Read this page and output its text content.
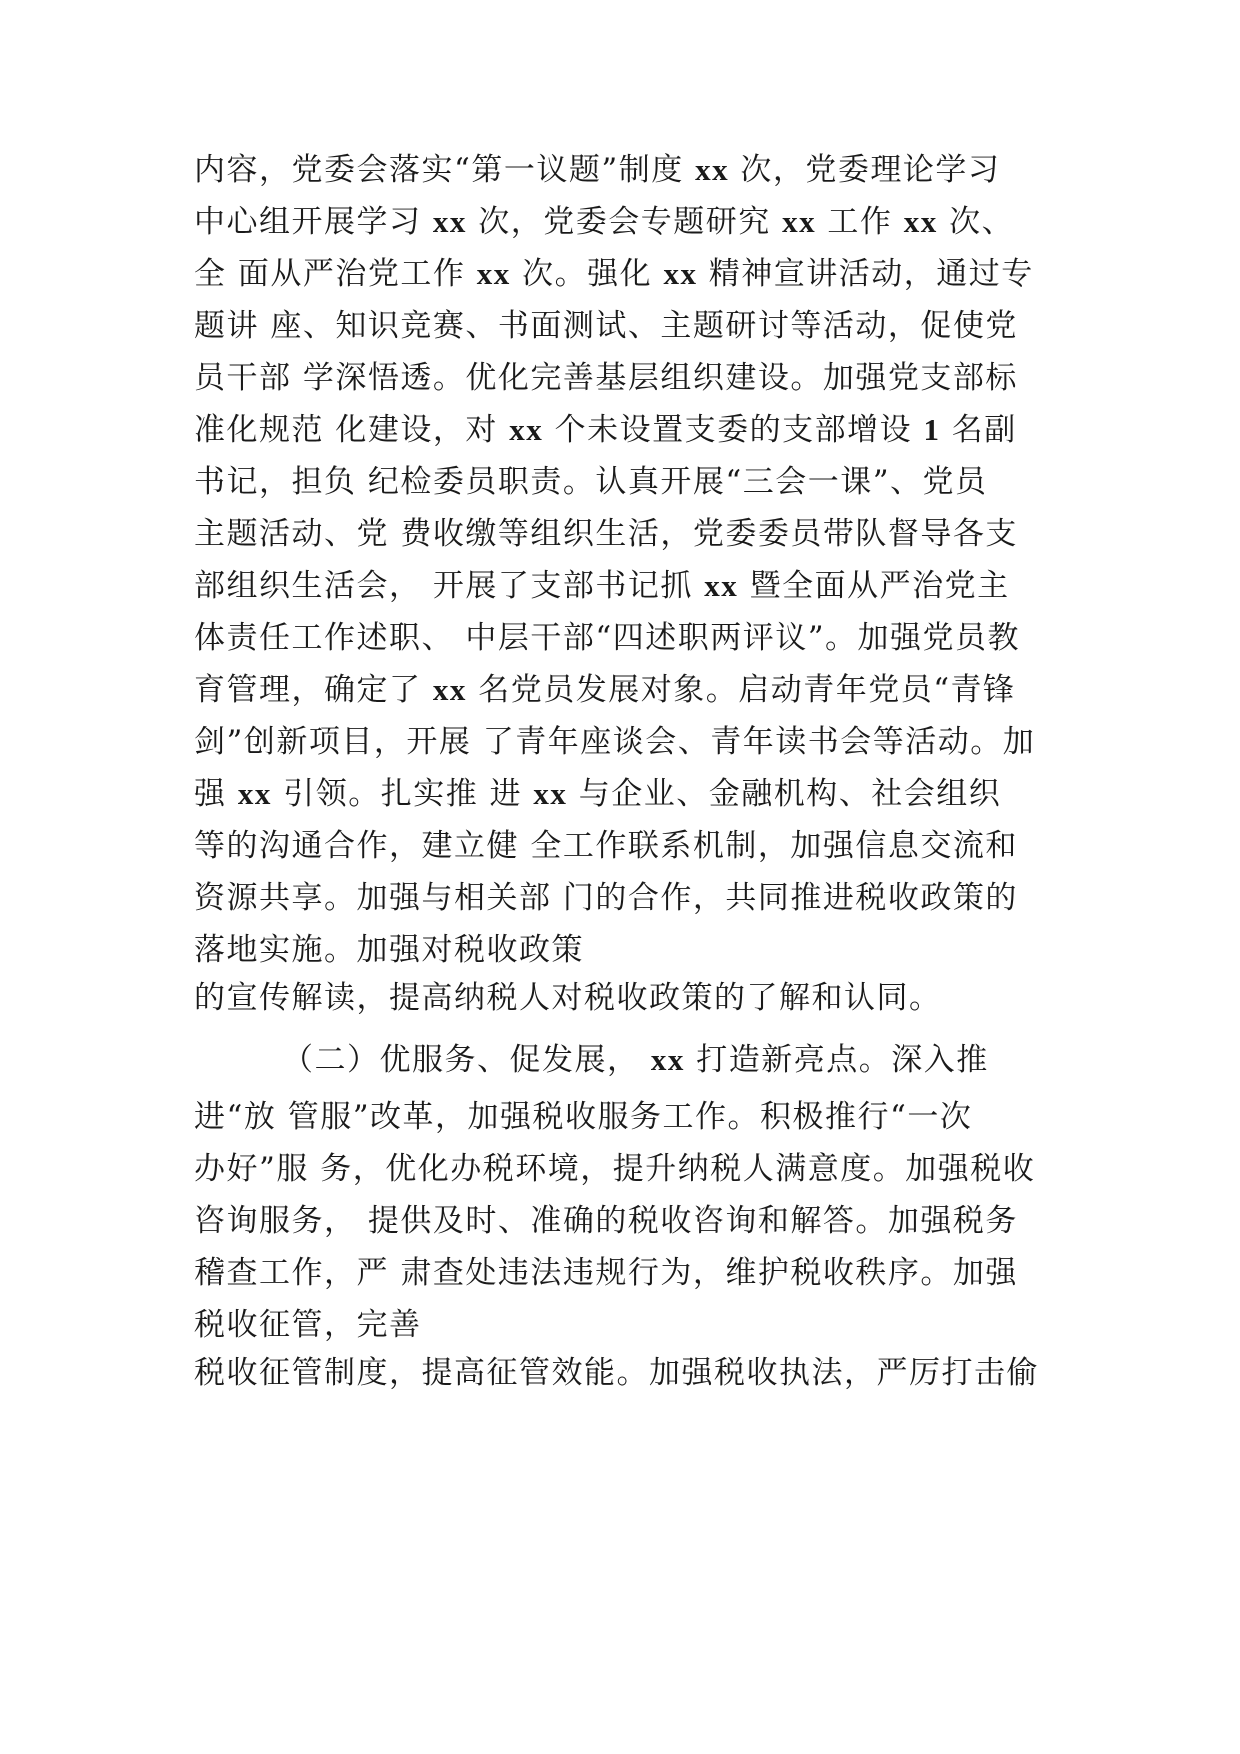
内容，党委会落实“第一议题”制度 xx 次，党委理论学习

中心组开展学习 xx 次，党委会专题研究 xx 工作 xx 次、

全 面从严治党工作 xx 次。强化 xx 精神宣讲活动，通过专

题讲 座、知识竞赛、书面测试、主题研讨等活动，促使党

员干部 学深悟透。优化完善基层组织建设。加强党支部标

准化规范 化建设，对 xx 个未设置支委的支部增设 1 名副

书记，担负 纪检委员职责。认真开展“三会一课”、党员

主题活动、党 费收缴等组织生活，党委委员带队督导各支

部组织生活会， 开展了支部书记抓 xx 暨全面从严治党主

体责任工作述职、 中层干部“四述职两评议”。加强党员教

育管理，确定了 xx 名党员发展对象。启动青年党员“青锋

剑”创新项目，开展 了青年座谈会、青年读书会等活动。加

强 xx 引领。扎实推 进 xx 与企业、金融机构、社会组织

等的沟通合作，建立健 全工作联系机制，加强信息交流和

资源共享。加强与相关部 门的合作，共同推进税收政策的

落地实施。加强对税收政策

的宣传解读，提高纳税人对税收政策的了解和认同。

（二）优服务、促发展， xx 打造新亮点。深入推

进“放 管服”改革，加强税收服务工作。积极推行“一次

办好”服 务，优化办税环境，提升纳税人满意度。加强税收

咨询服务， 提供及时、准确的税收咨询和解答。加强税务

稽查工作，严 肃查处违法违规行为，维护税收秩序。加强

税收征管，完善

税收征管制度，提高征管效能。加强税收执法，严厉打击偷
